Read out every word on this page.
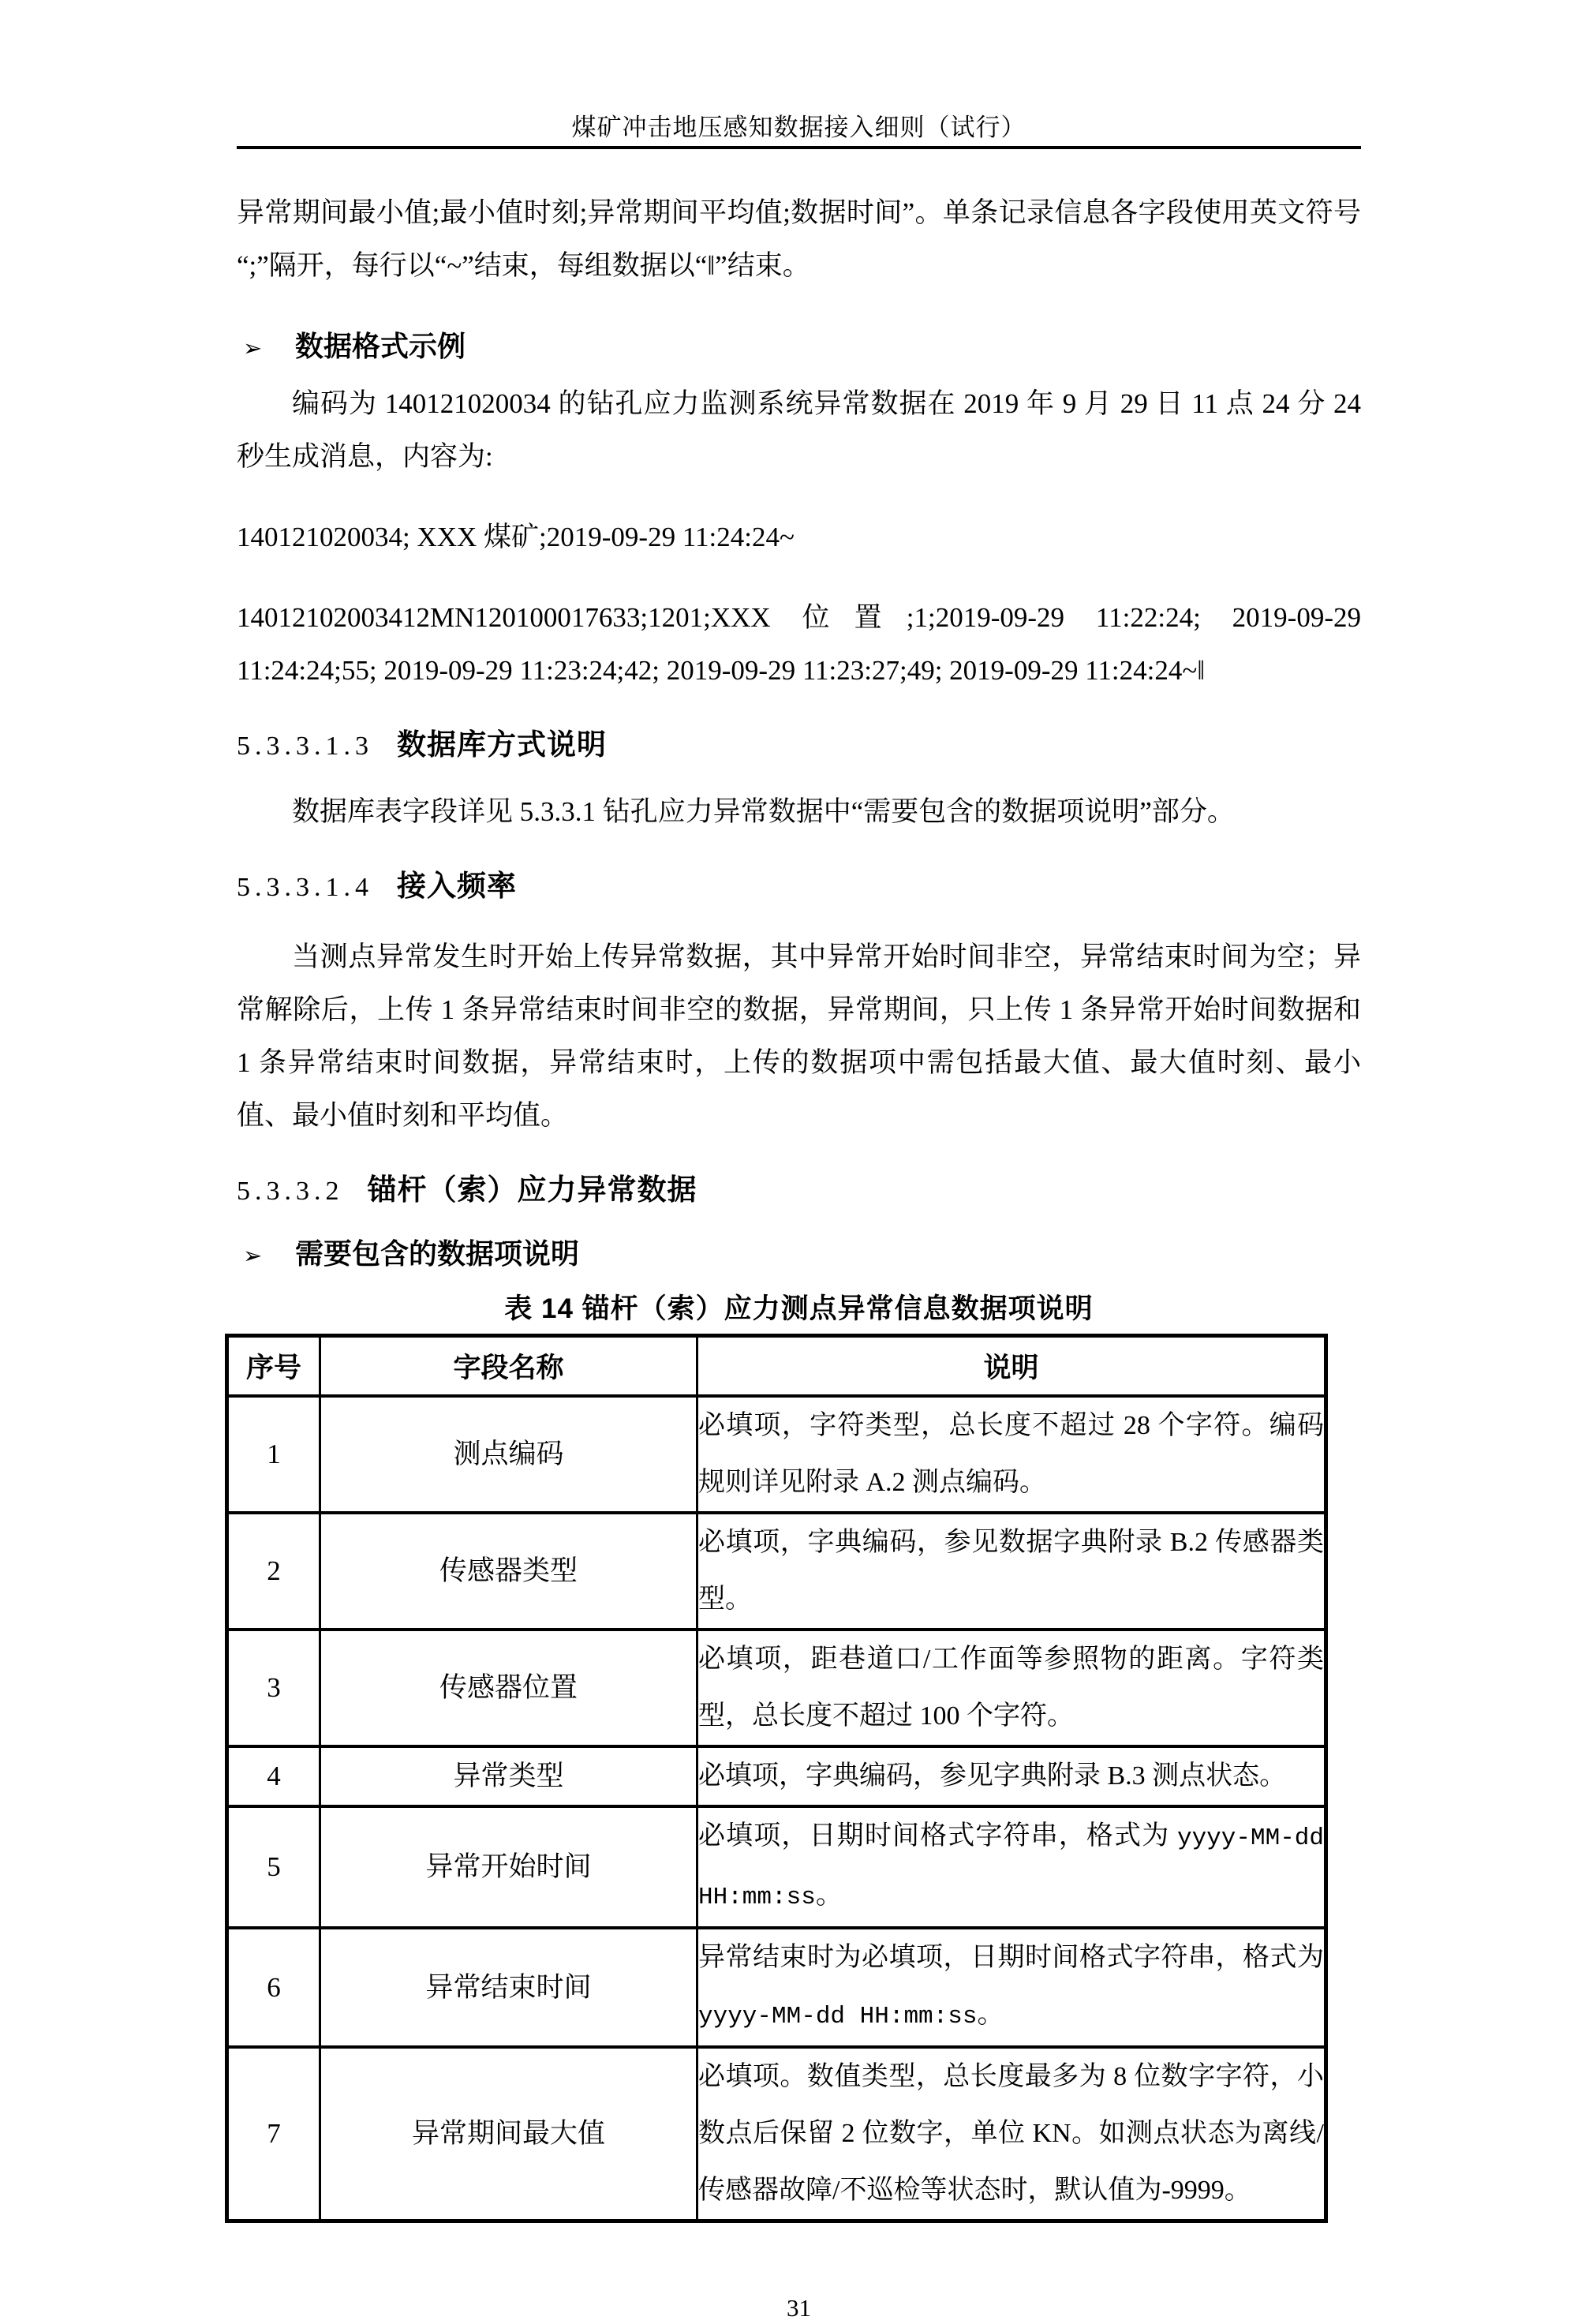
煤矿冲击地压感知数据接入细则（试行）

异常期间最小值;最小值时刻;异常期间平均值;数据时间”。单条记录信息各字段使用英文符号“;”隔开，每行以“~”结束，每组数据以“‖”结束。

➢	数据格式示例

编码为 140121020034 的钻孔应力监测系统异常数据在 2019 年 9 月 29 日 11 点 24 分 24 秒生成消息，内容为:

140121020034; XXX 煤矿;2019-09-29 11:24:24~

14012102003412MN120100017633;1201;XXX 位置;1;2019-09-29 11:22:24; 2019-09-29 11:24:24;55; 2019-09-29 11:23:24;42; 2019-09-29 11:23:27;49; 2019-09-29 11:24:24~‖

5.3.3.1.3 数据库方式说明

数据库表字段详见 5.3.3.1 钻孔应力异常数据中“需要包含的数据项说明”部分。

5.3.3.1.4 接入频率

当测点异常发生时开始上传异常数据，其中异常开始时间非空，异常结束时间为空；异常解除后，上传 1 条异常结束时间非空的数据，异常期间，只上传 1 条异常开始时间数据和 1 条异常结束时间数据，异常结束时，上传的数据项中需包括最大值、最大值时刻、最小值、最小值时刻和平均值。

5.3.3.2 锚杆（索）应力异常数据
➢	需要包含的数据项说明
表 14 锚杆（索）应力测点异常信息数据项说明
序号	字段名称	说明
1	测点编码	必填项，字符类型，总长度不超过 28 个字符。编码规则详见附录 A.2 测点编码。
2	传感器类型	必填项，字典编码，参见数据字典附录 B.2 传感器类型。
3	传感器位置	必填项，距巷道口/工作面等参照物的距离。字符类型，总长度不超过 100 个字符。
4	异常类型	必填项，字典编码，参见字典附录 B.3 测点状态。
5	异常开始时间	必填项，日期时间格式字符串，格式为 yyyy-MM-dd HH:mm:ss。
6	异常结束时间	异常结束时为必填项，日期时间格式字符串，格式为 yyyy-MM-dd HH:mm:ss。
7	异常期间最大值	必填项。数值类型，总长度最多为 8 位数字字符，小数点后保留 2 位数字，单位 KN。如测点状态为离线/传感器故障/不巡检等状态时，默认值为-9999。
31
